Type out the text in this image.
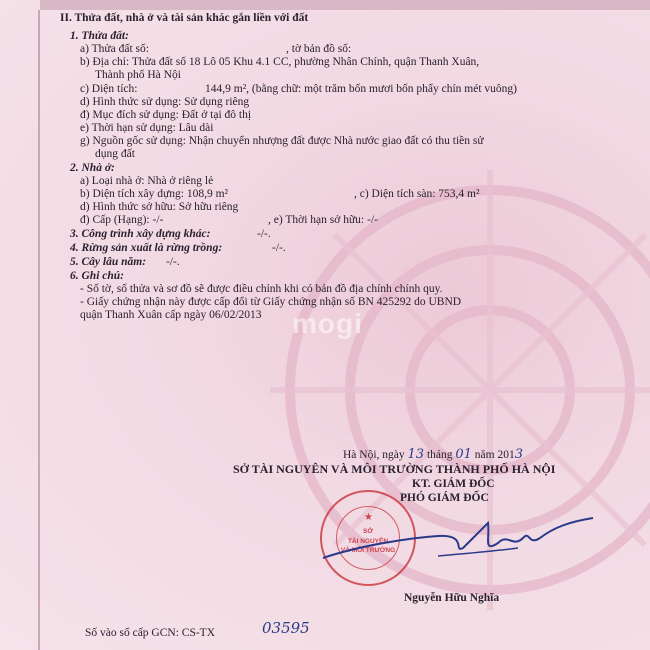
II. Thửa đất, nhà ở và tài sản khác gắn liền với đất
1. Thửa đất:
a) Thửa đất số:	, tờ bản đồ số:
b) Địa chỉ: Thửa đất số 18 Lô 05 Khu 4.1 CC, phường Nhân Chính, quận Thanh Xuân,
Thành phố Hà Nội
c) Diện tích:	144,9 m², (bằng chữ: một trăm bốn mươi bốn phẩy chín mét vuông)
d) Hình thức sử dụng: Sử dụng riêng
đ) Mục đích sử dụng: Đất ở tại đô thị
e) Thời hạn sử dụng: Lâu dài
g) Nguồn gốc sử dụng: Nhận chuyển nhượng đất được Nhà nước giao đất có thu tiền sử
dụng đất
2. Nhà ở:
a) Loại nhà ở: Nhà ở riêng lẻ
b) Diện tích xây dựng: 108,9 m²	, c) Diện tích sàn: 753,4 m²
d) Hình thức sở hữu: Sở hữu riêng
đ) Cấp (Hạng): -/-	, e) Thời hạn sở hữu: -/-
3. Công trình xây dựng khác:	-/-.
4. Rừng sản xuất là rừng trồng:	-/-.
5. Cây lâu năm: -/-.
6. Ghi chú:
- Số tờ, số thửa và sơ đồ sẽ được điều chỉnh khi có bản đồ địa chính chính quy.
- Giấy chứng nhận này được cấp đổi từ Giấy chứng nhận số BN 425292 do UBND
quận Thanh Xuân cấp ngày 06/02/2013 mogi
Hà Nội, ngày 13 tháng 01 năm 2013
SỞ TÀI NGUYÊN VÀ MÔI TRƯỜNG THÀNH PHỐ HÀ NỘI
KT. GIÁM ĐỐC
PHÓ GIÁM ĐỐC
★
SỞ
TÀI NGUYÊN
VÀ MÔI TRƯỜNG
Nguyễn Hữu Nghĩa
Số vào sổ cấp GCN: CS-TX	03595
